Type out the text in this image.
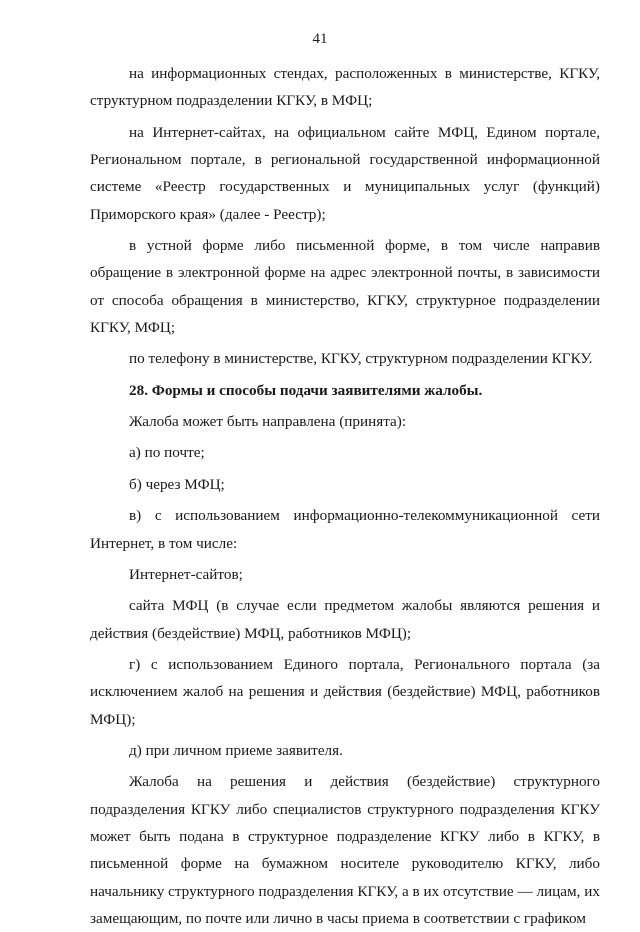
41

на информационных стендах, расположенных в министерстве, КГКУ, структурном подразделении КГКУ, в МФЦ;

на Интернет-сайтах, на официальном сайте МФЦ, Едином портале, Региональном портале, в региональной государственной информационной системе «Реестр государственных и муниципальных услуг (функций) Приморского края» (далее - Реестр);

в устной форме либо письменной форме, в том числе направив обращение в электронной форме на адрес электронной почты, в зависимости от способа обращения в министерство, КГКУ, структурное подразделении КГКУ, МФЦ;

по телефону в министерстве, КГКУ, структурном подразделении КГКУ.

28. Формы и способы подачи заявителями жалобы.

Жалоба может быть направлена (принята):

а) по почте;

б) через МФЦ;

в) с использованием информационно-телекоммуникационной сети Интернет, в том числе:

Интернет-сайтов;

сайта МФЦ (в случае если предметом жалобы являются решения и действия (бездействие) МФЦ, работников МФЦ);

г) с использованием Единого портала, Регионального портала (за исключением жалоб на решения и действия (бездействие) МФЦ, работников МФЦ);

д) при личном приеме заявителя.

Жалоба на решения и действия (бездействие) структурного подразделения КГКУ либо специалистов структурного подразделения КГКУ может быть подана в структурное подразделение КГКУ либо в КГКУ, в письменной форме на бумажном носителе руководителю КГКУ, либо начальнику структурного подразделения КГКУ, а в их отсутствие — лицам, их замещающим, по почте или лично в часы приема в соответствии с графиком
